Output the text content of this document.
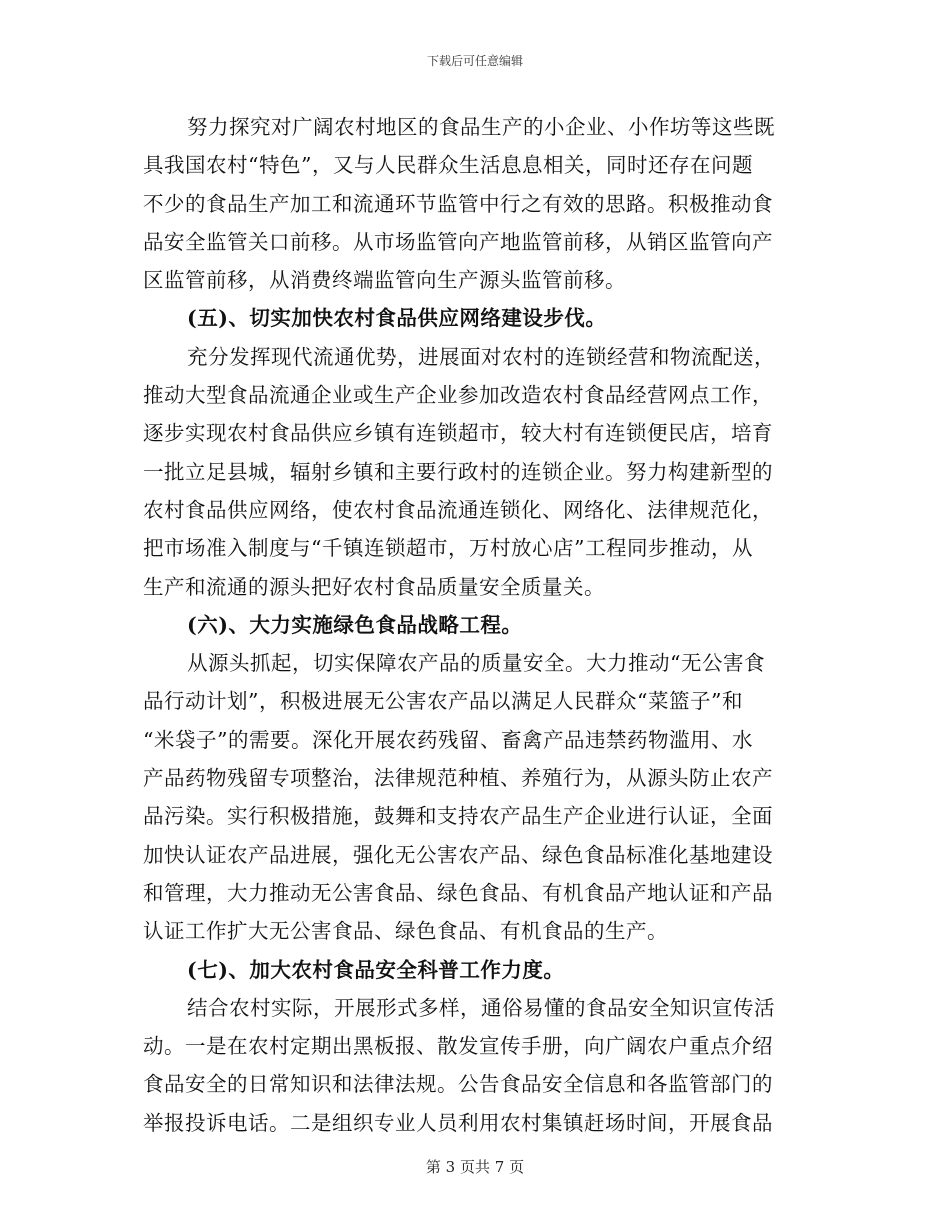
下载后可任意编辑
努力探究对广阔农村地区的食品生产的小企业、小作坊等这些既
具我国农村“特色”，又与人民群众生活息息相关，同时还存在问题
不少的食品生产加工和流通环节监管中行之有效的思路。积极推动食
品安全监管关口前移。从市场监管向产地监管前移，从销区监管向产
区监管前移，从消费终端监管向生产源头监管前移。
(五)、切实加快农村食品供应网络建设步伐。
充分发挥现代流通优势，进展面对农村的连锁经营和物流配送，
推动大型食品流通企业或生产企业参加改造农村食品经营网点工作，
逐步实现农村食品供应乡镇有连锁超市，较大村有连锁便民店，培育
一批立足县城，辐射乡镇和主要行政村的连锁企业。努力构建新型的
农村食品供应网络，使农村食品流通连锁化、网络化、法律规范化，
把市场准入制度与“千镇连锁超市，万村放心店”工程同步推动，从
生产和流通的源头把好农村食品质量安全质量关。
(六)、大力实施绿色食品战略工程。
从源头抓起，切实保障农产品的质量安全。大力推动“无公害食
品行动计划”，积极进展无公害农产品以满足人民群众“菜篮子”和
“米袋子”的需要。深化开展农药残留、畜禽产品违禁药物滥用、水
产品药物残留专项整治，法律规范种植、养殖行为，从源头防止农产
品污染。实行积极措施，鼓舞和支持农产品生产企业进行认证，全面
加快认证农产品进展，强化无公害农产品、绿色食品标准化基地建设
和管理，大力推动无公害食品、绿色食品、有机食品产地认证和产品
认证工作扩大无公害食品、绿色食品、有机食品的生产。
(七)、加大农村食品安全科普工作力度。
结合农村实际，开展形式多样，通俗易懂的食品安全知识宣传活
动。一是在农村定期出黑板报、散发宣传手册，向广阔农户重点介绍
食品安全的日常知识和法律法规。公告食品安全信息和各监管部门的
举报投诉电话。二是组织专业人员利用农村集镇赶场时间，开展食品
第 3 页共 7 页
